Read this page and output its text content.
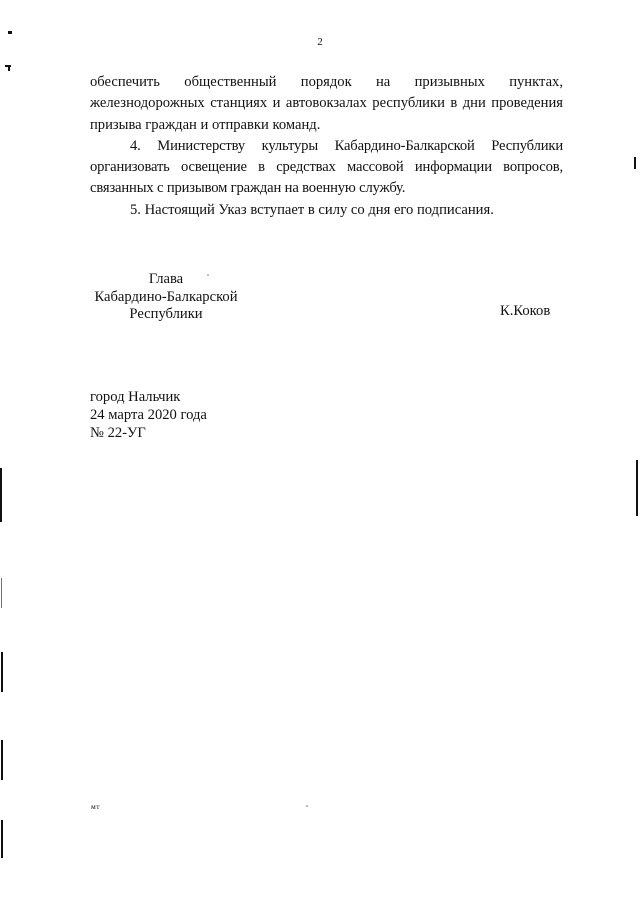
2

обеспечить общественный порядок на призывных пунктах, железнодорожных станциях и автовокзалах республики в дни проведения призыва граждан и отправки команд.

4. Министерству культуры Кабардино-Балкарской Республики организовать освещение в средствах массовой информации вопросов, связанных с призывом граждан на военную службу.

5. Настоящий Указ вступает в силу со дня его подписания.

Глава
Кабардино-Балкарской
Республики	К.Коков
город Нальчик
24 марта 2020 года
№ 22-УГ
мт
